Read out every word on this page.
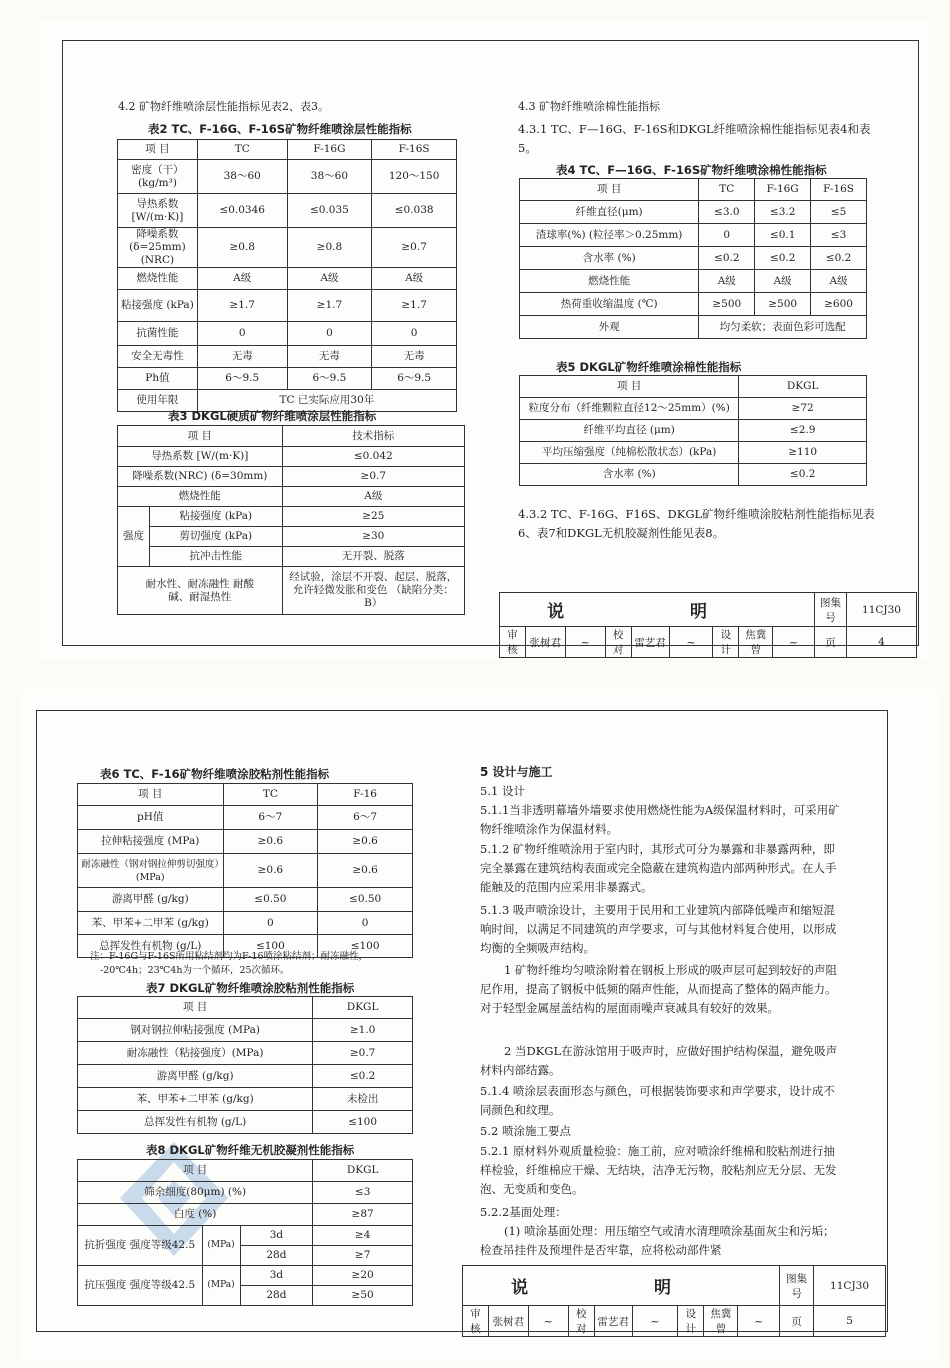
4.2 矿物纤维喷涂层性能指标见表2、表3。
表2 TC、F-16G、F-16S矿物纤维喷涂层性能指标
项 目	TC	F-16G	F-16S
密度（干）(kg/m³)	38～60	38～60	120～150
导热系数 [W/(m·K)]	≤0.0346	≤0.035	≤0.038
降噪系数 (δ=25mm)(NRC)	≥0.8	≥0.8	≥0.7
燃烧性能	A级	A级	A级
粘接强度 (kPa)	≥1.7	≥1.7	≥1.7
抗菌性能	0	0	0
安全无毒性	无毒	无毒	无毒
Ph值	6～9.5	6～9.5	6～9.5
使用年限	TC 已实际应用30年		
表3 DKGL硬质矿物纤维喷涂层性能指标
项 目		技术指标
导热系数 [W/(m·K)]		≤0.042
降噪系数(NRC) (δ=30mm)		≥0.7
燃烧性能		A级
强度	粘接强度 (kPa)	≥25
	剪切强度 (kPa)	≥30
	抗冲击性能	无开裂、脱落
耐水性、耐冻融性 耐酸碱、耐湿热性		经试验，涂层不开裂、起层、脱落，允许轻微发胀和变色 （缺陷分类：B）
4.3 矿物纤维喷涂棉性能指标
4.3.1 TC、F—16G、F-16S和DKGL纤维喷涂棉性能指标见表4和表5。
表4 TC、F—16G、F-16S矿物纤维喷涂棉性能指标
项 目	TC	F-16G	F-16S
纤维直径(μm)	≤3.0	≤3.2	≤5
渣球率(%) (粒径率＞0.25mm)	0	≤0.1	≤3
含水率 (%)	≤0.2	≤0.2	≤0.2
燃烧性能	A级	A级	A级
热荷重收缩温度 (℃)	≥500	≥500	≥600
外观	均匀柔软；表面色彩可选配		
表5 DKGL矿物纤维喷涂棉性能指标
项 目	DKGL
粒度分布（纤维颗粒直径12～25mm）(%)	≥72
纤维平均直径 (μm)	≤2.9
平均压缩强度（纯棉松散状态）(kPa)	≥110
含水率 (%)	≤0.2
4.3.2 TC、F-16G、F16S、DKGL矿物纤维喷涂胶粘剂性能指标见表6、表7和DKGL无机胶凝剂性能见表8。
说 明									图集号	11CJ30
审核	张树君	~	校对	雷艺君	~	设计	焦冀曾	~	页	4
表6 TC、F-16矿物纤维喷涂胶粘剂性能指标
项 目	TC	F-16
pH值	6～7	6～7
拉伸粘接强度 (MPa)	≥0.6	≥0.6
耐冻融性（钢对钢拉伸剪切强度）(MPa)	≥0.6	≥0.6
游离甲醛 (g/kg)	≤0.50	≤0.50
苯、甲苯+二甲苯 (g/kg)	0	0
总挥发性有机物 (g/L)	≤100	≤100
注：F-16G与F-16S所用粘结剂均为F-16喷涂粘结剂；耐冻融性，
-20℃4h；23℃4h为一个循环，25次循环。
表7 DKGL矿物纤维喷涂胶粘剂性能指标
项 目	DKGL
钢对钢拉伸粘接强度 (MPa)	≥1.0
耐冻融性（粘接强度）(MPa)	≥0.7
游离甲醛 (g/kg)	≤0.2
苯、甲苯+二甲苯 (g/kg)	未检出
总挥发性有机物 (g/L)	≤100
表8 DKGL矿物纤维无机胶凝剂性能指标
项 目			DKGL
筛余细度(80μm) (%)			≤3
白度 (%)			≥87
抗折强度 强度等级42.5	(MPa)	3d	≥4
		28d	≥7
抗压强度 强度等级42.5	(MPa)	3d	≥20
		28d	≥50
5 设计与施工
5.1 设计
5.1.1当非透明幕墙外墙要求使用燃烧性能为A级保温材料时，可采用矿物纤维喷涂作为保温材料。
5.1.2 矿物纤维喷涂用于室内时，其形式可分为暴露和非暴露两种，即完全暴露在建筑结构表面或完全隐蔽在建筑构造内部两种形式。在人手能触及的范围内应采用非暴露式。
5.1.3 吸声喷涂设计，主要用于民用和工业建筑内部降低噪声和缩短混响时间，以满足不同建筑的声学要求，可与其他材料复合使用，以形成均衡的全频吸声结构。
1 矿物纤维均匀喷涂附着在钢板上形成的吸声层可起到较好的声阻尼作用，提高了钢板中低频的隔声性能，从而提高了整体的隔声能力。对于轻型金属屋盖结构的屋面雨噪声衰减具有较好的效果。
2 当DKGL在游泳馆用于吸声时，应做好围护结构保温，避免吸声材料内部结露。
5.1.4 喷涂层表面形态与颜色，可根据装饰要求和声学要求，设计成不同颜色和纹理。
5.2 喷涂施工要点
5.2.1 原材料外观质量检验：施工前，应对喷涂纤维棉和胶粘剂进行抽样检验，纤维棉应干燥、无结块，洁净无污物，胶粘剂应无分层、无发泡、无变质和变色。
5.2.2基面处理：
(1) 喷涂基面处理：用压缩空气或清水清理喷涂基面灰尘和污垢；检查吊挂件及预埋件是否牢靠，应将松动部件紧
说 明									图集号	11CJ30
审核	张树君	~	校对	雷艺君	~	设计	焦冀曾	~	页	5
